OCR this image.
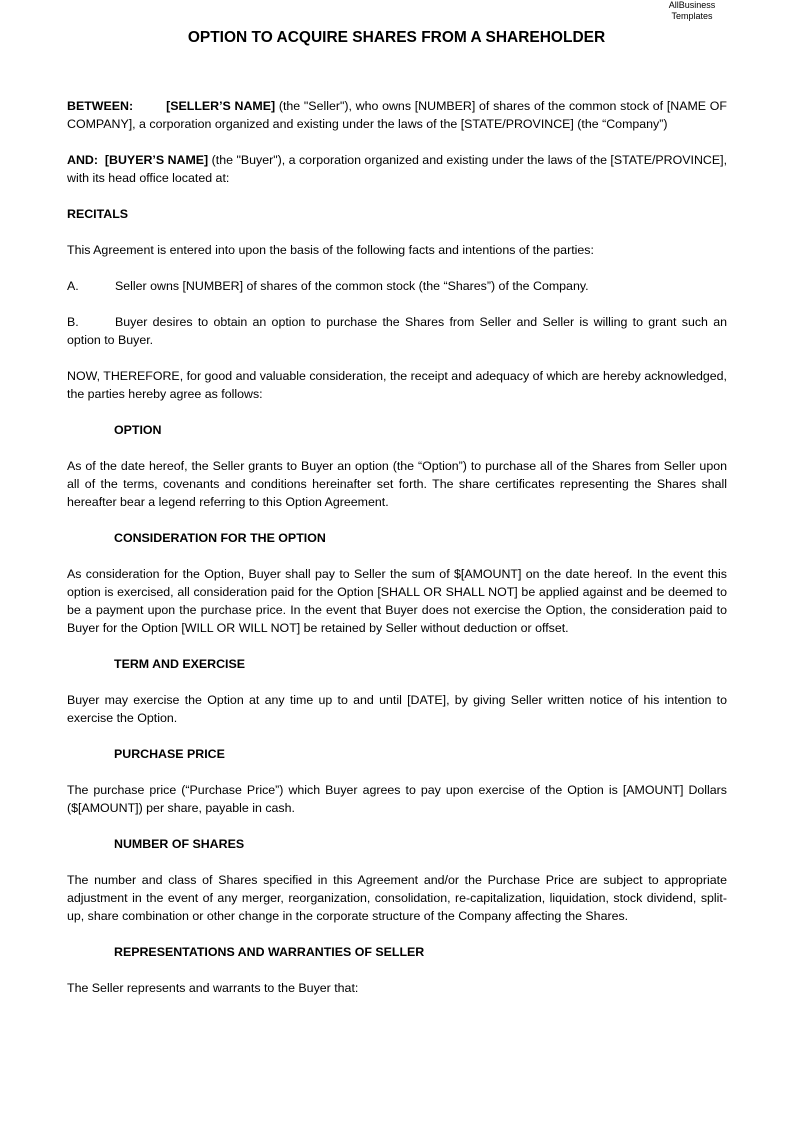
AllBusiness
Templates
OPTION TO ACQUIRE SHARES FROM A SHAREHOLDER

BETWEEN:	[SELLER’S NAME] (the "Seller"), who owns [NUMBER] of shares of the common stock of [NAME OF COMPANY], a corporation organized and existing under the laws of the [STATE/PROVINCE] (the “Company”)

AND: [BUYER’S NAME] (the "Buyer"), a corporation organized and existing under the laws of the [STATE/PROVINCE], with its head office located at:

RECITALS

This Agreement is entered into upon the basis of the following facts and intentions of the parties:

A.	Seller owns [NUMBER] of shares of the common stock (the “Shares”) of the Company.

B.	Buyer desires to obtain an option to purchase the Shares from Seller and Seller is willing to grant such an option to Buyer.

NOW, THEREFORE, for good and valuable consideration, the receipt and adequacy of which are hereby acknowledged, the parties hereby agree as follows:

OPTION

As of the date hereof, the Seller grants to Buyer an option (the “Option”) to purchase all of the Shares from Seller upon all of the terms, covenants and conditions hereinafter set forth. The share certificates representing the Shares shall hereafter bear a legend referring to this Option Agreement.

CONSIDERATION FOR THE OPTION

As consideration for the Option, Buyer shall pay to Seller the sum of $[AMOUNT] on the date hereof. In the event this option is exercised, all consideration paid for the Option [SHALL OR SHALL NOT] be applied against and be deemed to be a payment upon the purchase price. In the event that Buyer does not exercise the Option, the consideration paid to Buyer for the Option [WILL OR WILL NOT] be retained by Seller without deduction or offset.

TERM AND EXERCISE

Buyer may exercise the Option at any time up to and until [DATE], by giving Seller written notice of his intention to exercise the Option.

PURCHASE PRICE

The purchase price (“Purchase Price”) which Buyer agrees to pay upon exercise of the Option is [AMOUNT] Dollars ($[AMOUNT]) per share, payable in cash.

NUMBER OF SHARES

The number and class of Shares specified in this Agreement and/or the Purchase Price are subject to appropriate adjustment in the event of any merger, reorganization, consolidation, re-capitalization, liquidation, stock dividend, split-up, share combination or other change in the corporate structure of the Company affecting the Shares.

REPRESENTATIONS AND WARRANTIES OF SELLER

The Seller represents and warrants to the Buyer that:
